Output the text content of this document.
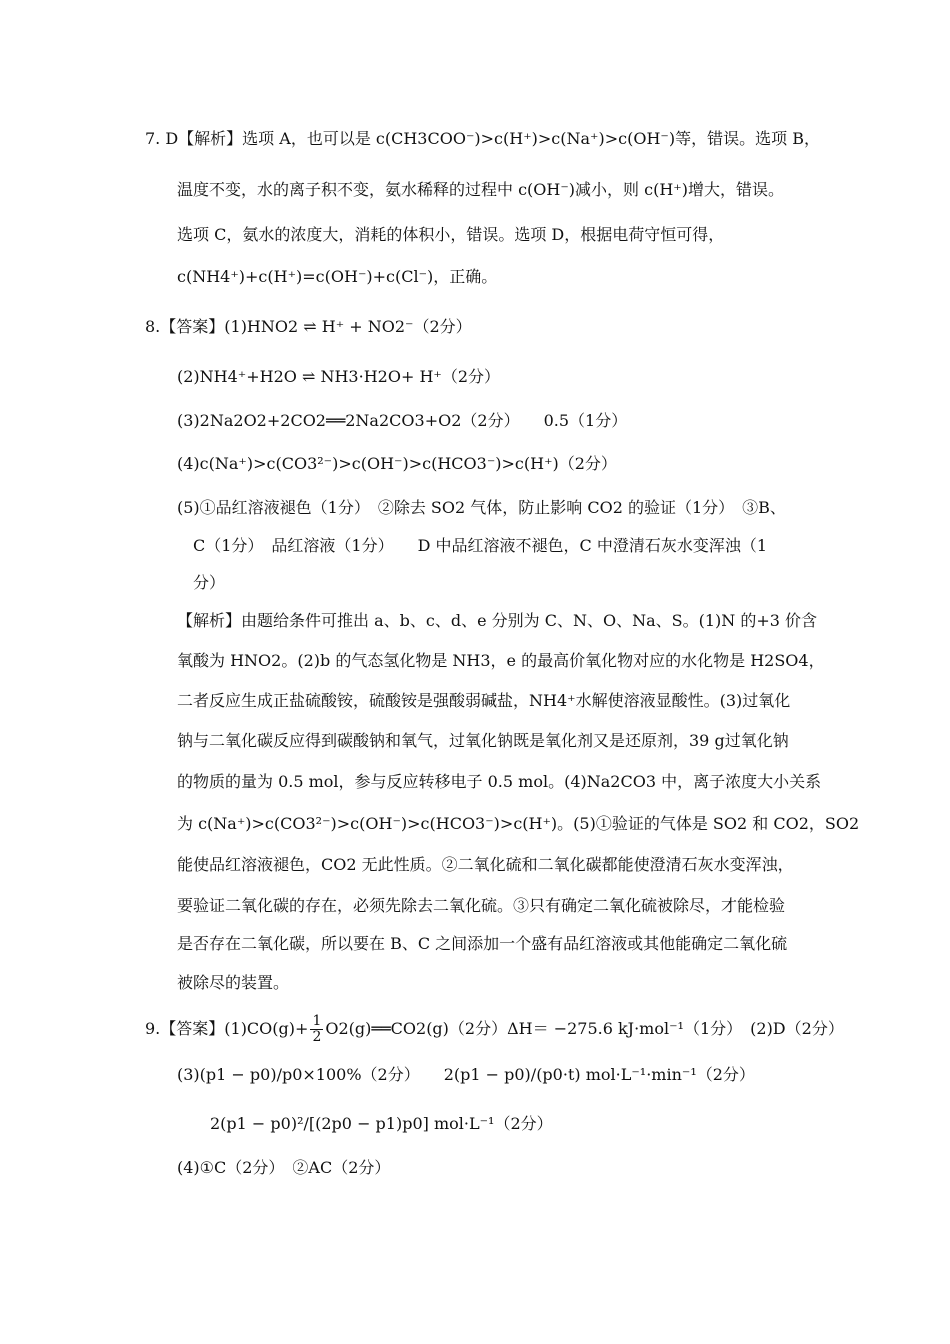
7. D【解析】选项 A，也可以是 c(CH3COO⁻)>c(H⁺)>c(Na⁺)>c(OH⁻)等，错误。选项 B，
温度不变，水的离子积不变，氨水稀释的过程中 c(OH⁻)减小，则 c(H⁺)增大，错误。
选项 C，氨水的浓度大，消耗的体积小，错误。选项 D，根据电荷守恒可得，
c(NH4⁺)+c(H⁺)=c(OH⁻)+c(Cl⁻)，正确。
8.【答案】(1)HNO2 ⇌ H⁺ + NO2⁻（2分）
(2)NH4⁺+H2O ⇌ NH3·H2O+ H⁺（2分）
(3)2Na2O2+2CO2══2Na2CO3+O2（2分）　　0.5（1分）
(4)c(Na⁺)>c(CO3²⁻)>c(OH⁻)>c(HCO3⁻)>c(H⁺)（2分）
(5)①品红溶液褪色（1分）　②除去 SO2 气体，防止影响 CO2 的验证（1分）　③B、
C（1分）　品红溶液（1分）　　D 中品红溶液不褪色，C 中澄清石灰水变浑浊（1
分）
【解析】由题给条件可推出 a、b、c、d、e 分别为 C、N、O、Na、S。(1)N 的+3 价含
氧酸为 HNO2。(2)b 的气态氢化物是 NH3，e 的最高价氧化物对应的水化物是 H2SO4，
二者反应生成正盐硫酸铵，硫酸铵是强酸弱碱盐，NH4⁺水解使溶液显酸性。(3)过氧化
钠与二氧化碳反应得到碳酸钠和氧气，过氧化钠既是氧化剂又是还原剂，39 g过氧化钠
的物质的量为 0.5 mol，参与反应转移电子 0.5 mol。(4)Na2CO3 中，离子浓度大小关系
为 c(Na⁺)>c(CO3²⁻)>c(OH⁻)>c(HCO3⁻)>c(H⁺)。(5)①验证的气体是 SO2 和 CO2，SO2
能使品红溶液褪色，CO2 无此性质。②二氧化硫和二氧化碳都能使澄清石灰水变浑浊，
要验证二氧化碳的存在，必须先除去二氧化硫。③只有确定二氧化硫被除尽，才能检验
是否存在二氧化碳，所以要在 B、C 之间添加一个盛有品红溶液或其他能确定二氧化硫
被除尽的装置。
9.【答案】$(1)CO(g)+ \frac{1}{2}$ O2(g)══CO2(g)（2分）ΔH＝ −275.6 kJ·mol⁻¹（1分）　(2)D（2分）
(3)(p1 − p0)/p0×100%（2分）　　2(p1 − p0)/(p0·t) mol·L⁻¹·min⁻¹（2分）
2(p1 − p0)²/[(2p0 − p1)p0] mol·L⁻¹（2分）
(4)①C（2分）　②AC（2分）
